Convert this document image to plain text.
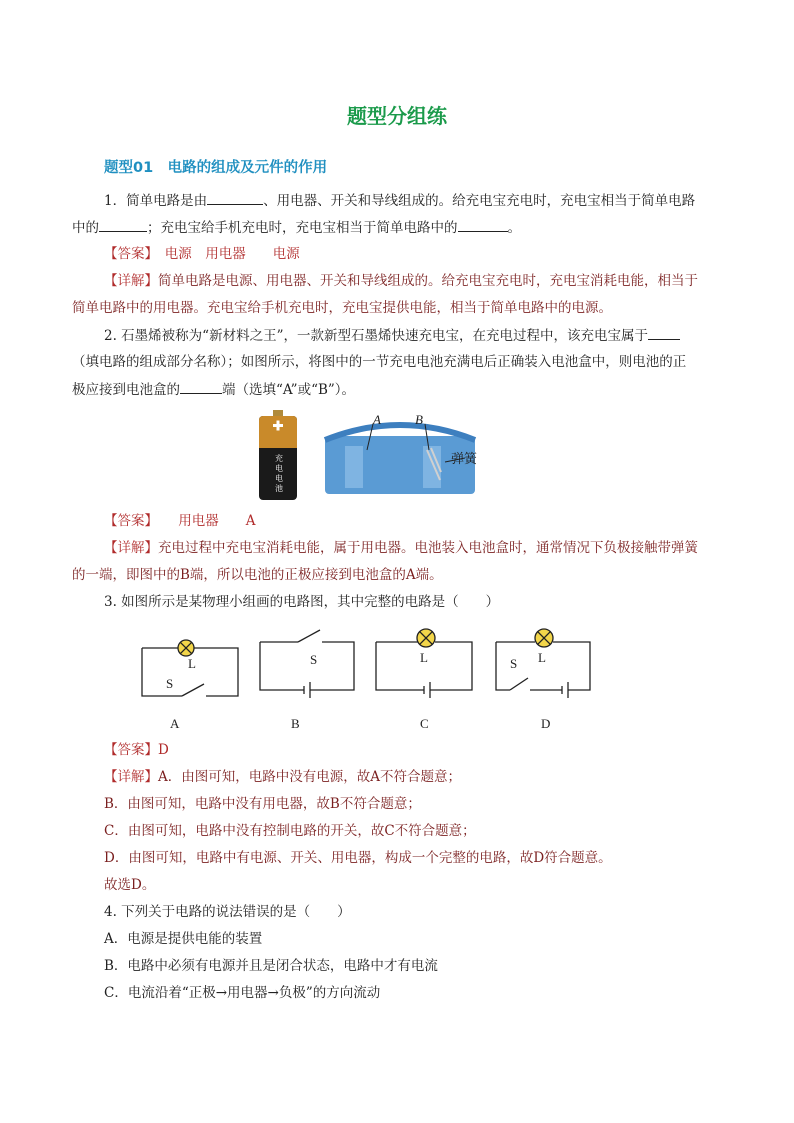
题型分组练
题型01　电路的组成及元件的作用
1．简单电路是由	、用电器、开关和导线组成的。给充电宝充电时，充电宝相当于简单电路
中的	；充电宝给手机充电时，充电宝相当于简单电路中的	。
【答案】　 电源　用电器　　电源
【详解】简单电路是电源、用电器、开关和导线组成的。给充电宝充电时，充电宝消耗电能，相当于
简单电路中的用电器。充电宝给手机充电时，充电宝提供电能，相当于简单电路中的电源。
2. 石墨烯被称为“新材料之王”，一款新型石墨烯快速充电宝，在充电过程中，该充电宝属于
（填电路的组成部分名称）；如图所示，将图中的一节充电电池充满电后正确装入电池盒中，则电池的正
极应接到电池盒的	端（选填“A”或“B”）。
充
电
电
池
A	B
弹簧
【答案】　　 用电器　　A
【详解】充电过程中充电宝消耗电能，属于用电器。电池装入电池盒时，通常情况下负极接触带弹簧
的一端，即图中的B端，所以电池的正极应接到电池盒的A端。
3. 如图所示是某物理小组画的电路图，其中完整的电路是（　　）
L
S
S	L	S L
A	B	C	D
【答案】D
【详解】A．由图可知，电路中没有电源，故A不符合题意；
B．由图可知，电路中没有用电器，故B不符合题意；
C．由图可知，电路中没有控制电路的开关，故C不符合题意；
D．由图可知，电路中有电源、开关、用电器，构成一个完整的电路，故D符合题意。
故选D。
4. 下列关于电路的说法错误的是（　　）
A．电源是提供电能的装置
B．电路中必须有电源并且是闭合状态，电路中才有电流
C．电流沿着“正极→用电器→负极”的方向流动
